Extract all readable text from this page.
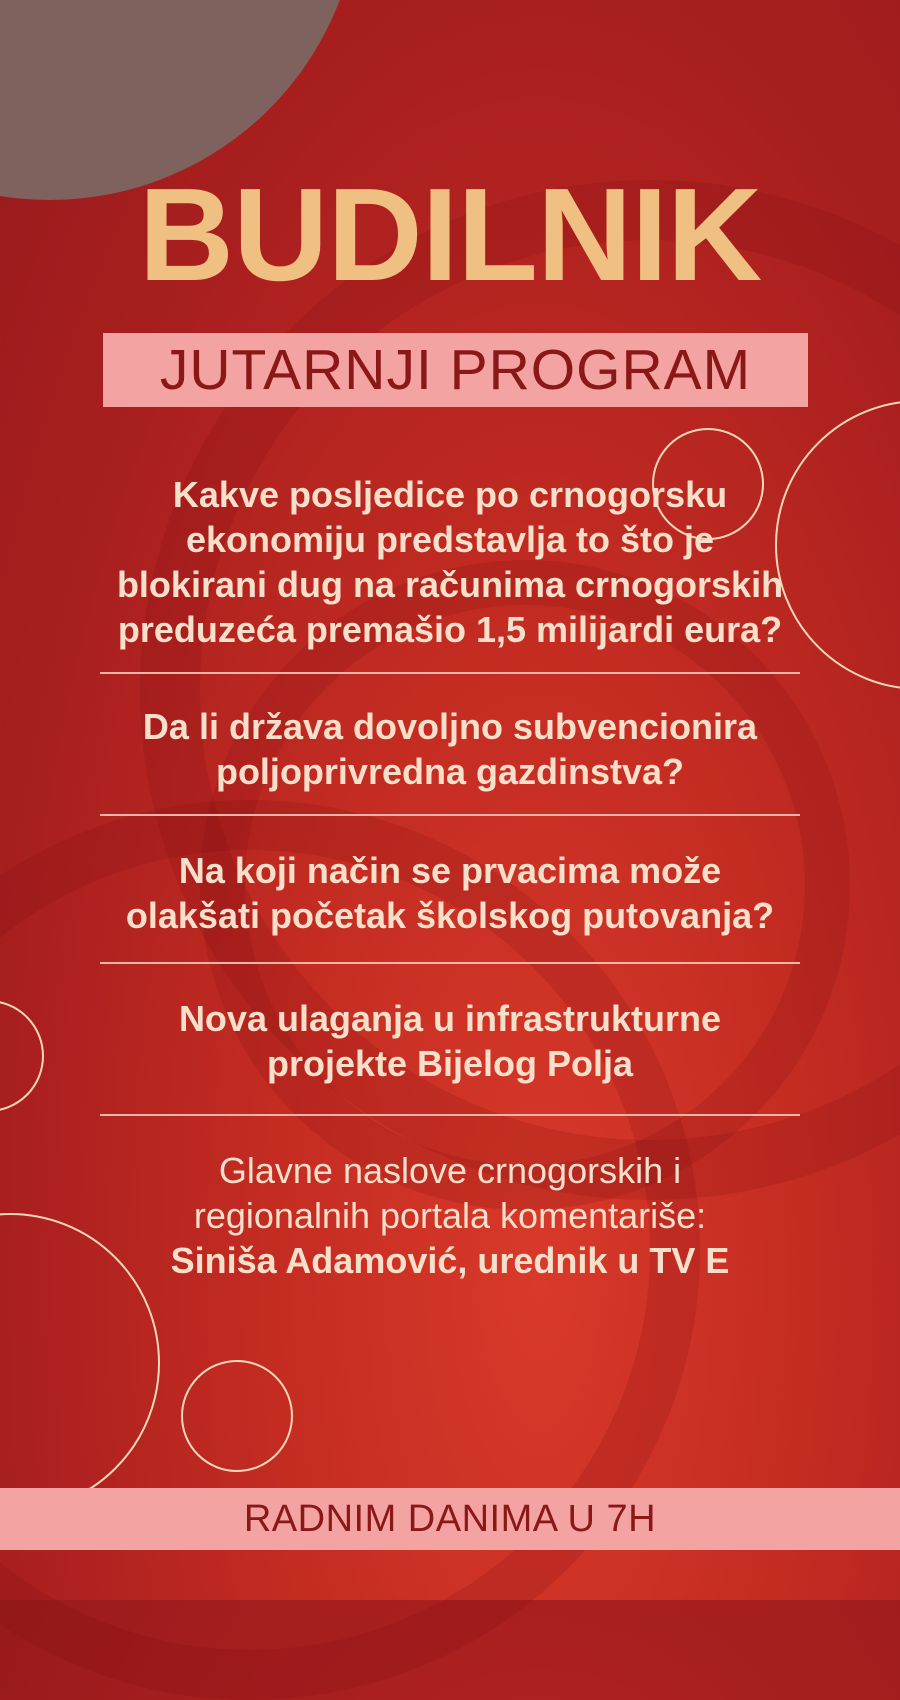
BUDILNIK
JUTARNJI PROGRAM
Kakve posljedice po crnogorsku
ekonomiju predstavlja to što je
blokirani dug na računima crnogorskih
preduzeća premašio 1,5 milijardi eura?
Da li država dovoljno subvencionira
poljoprivredna gazdinstva?
Na koji način se prvacima može
olakšati početak školskog putovanja?
Nova ulaganja u infrastrukturne
projekte Bijelog Polja
Glavne naslove crnogorskih i
regionalnih portala komentariše:
Siniša Adamović, urednik u TV E
RADNIM DANIMA U 7H
